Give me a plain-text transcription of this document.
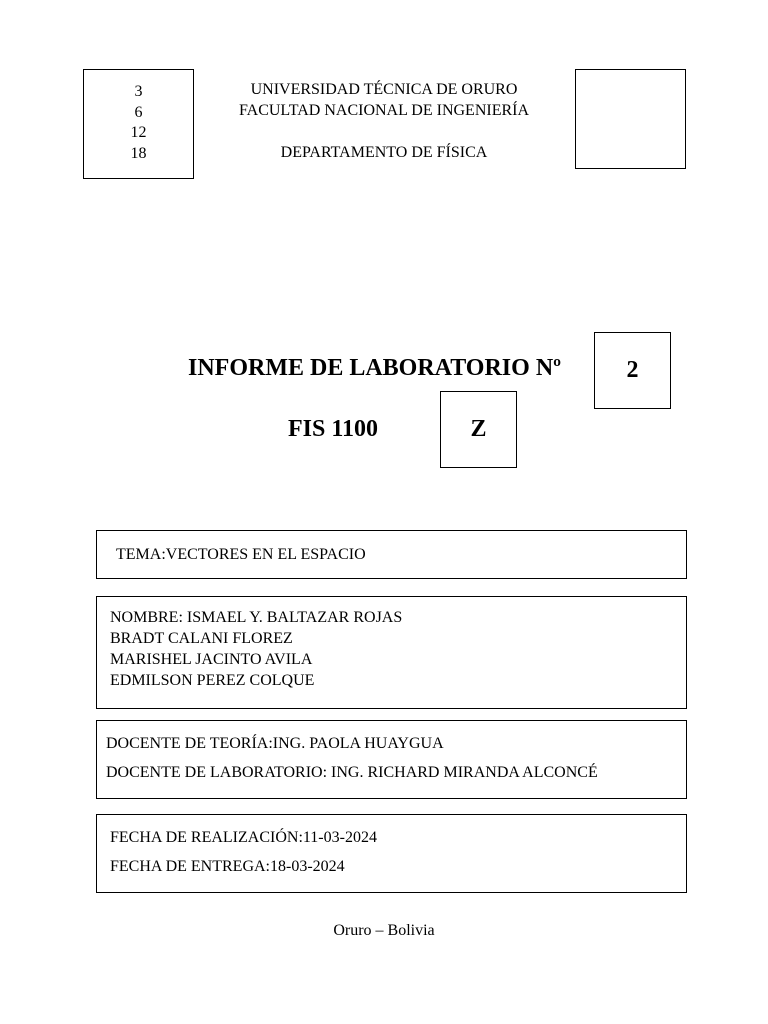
3
6
12
18
UNIVERSIDAD TÉCNICA DE ORURO
FACULTAD NACIONAL DE INGENIERÍA
DEPARTAMENTO DE FÍSICA
INFORME DE LABORATORIO Nº	2
FIS 1100	Z
TEMA:VECTORES EN EL ESPACIO
NOMBRE: ISMAEL Y. BALTAZAR ROJAS
BRADT CALANI FLOREZ
MARISHEL JACINTO AVILA
EDMILSON PEREZ COLQUE
DOCENTE DE TEORÍA:ING. PAOLA HUAYGUA
DOCENTE DE LABORATORIO: ING. RICHARD MIRANDA ALCONCÉ
FECHA DE REALIZACIÓN:11-03-2024
FECHA DE ENTREGA:18-03-2024
Oruro – Bolivia
